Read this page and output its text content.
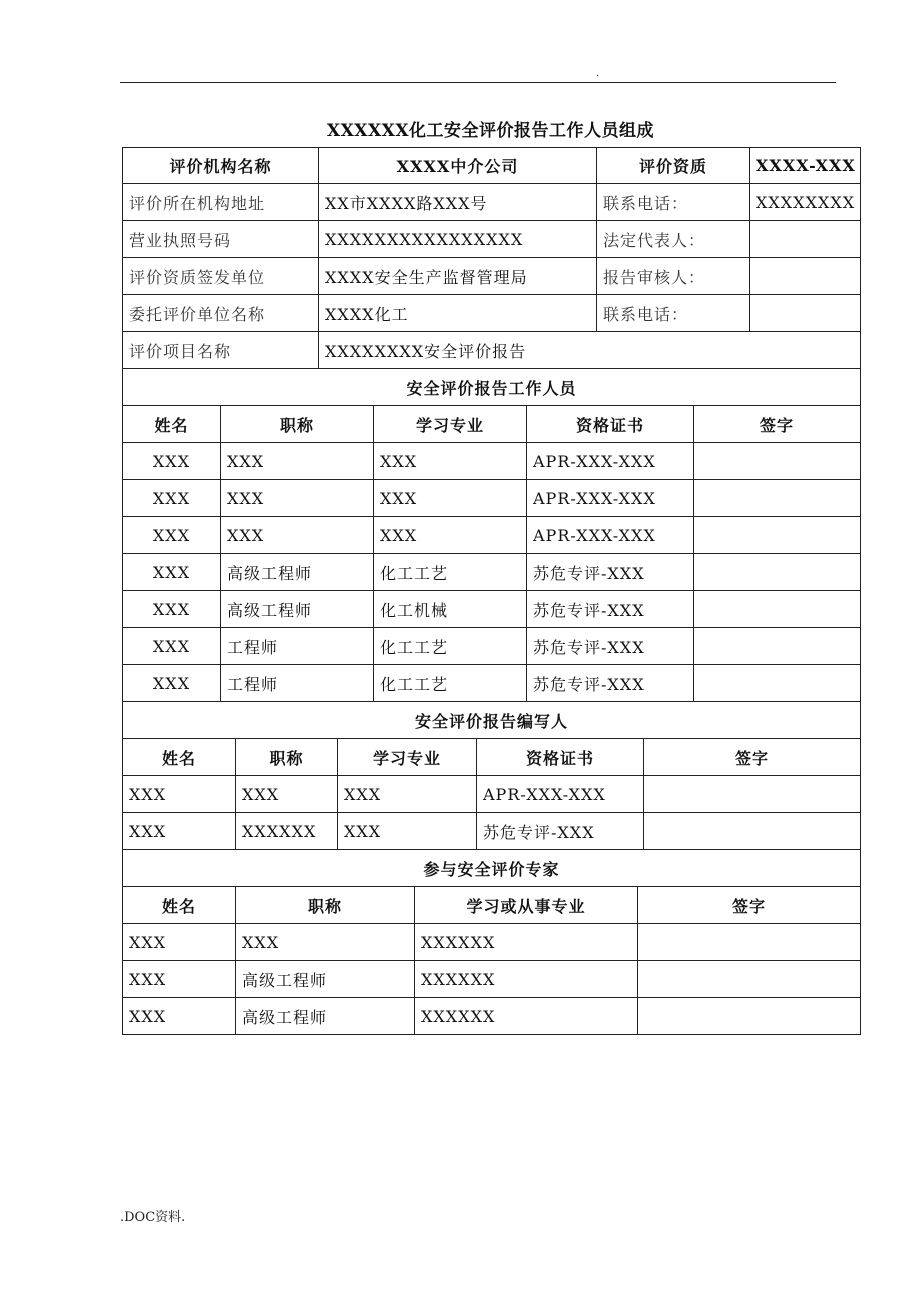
.
XXXXXX化工安全评价报告工作人员组成
评价机构名称	XXXX中介公司	评价资质	XXXX-XXX
评价所在机构地址	XX市XXXX路XXX号	联系电话：	XXXXXXXX
营业执照号码	XXXXXXXXXXXXXXXX	法定代表人：	
评价资质签发单位	XXXX安全生产监督管理局	报告审核人：	
委托评价单位名称	XXXX化工	联系电话：	
评价项目名称	XXXXXXXX安全评价报告		
安全评价报告工作人员				
姓名	职称	学习专业	资格证书	签字
XXX	XXX	XXX	APR-XXX-XXX	
XXX	XXX	XXX	APR-XXX-XXX	
XXX	XXX	XXX	APR-XXX-XXX	
XXX	高级工程师	化工工艺	苏危专评-XXX	
XXX	高级工程师	化工机械	苏危专评-XXX	
XXX	工程师	化工工艺	苏危专评-XXX	
XXX	工程师	化工工艺	苏危专评-XXX	
安全评价报告编写人				
姓名	职称	学习专业	资格证书	签字
XXX	XXX	XXX	APR-XXX-XXX	
XXX	XXXXXX	XXX	苏危专评-XXX	
参与安全评价专家			
姓名	职称	学习或从事专业	签字
XXX	XXX	XXXXXX	
XXX	高级工程师	XXXXXX	
XXX	高级工程师	XXXXXX	
.DOC资料.
